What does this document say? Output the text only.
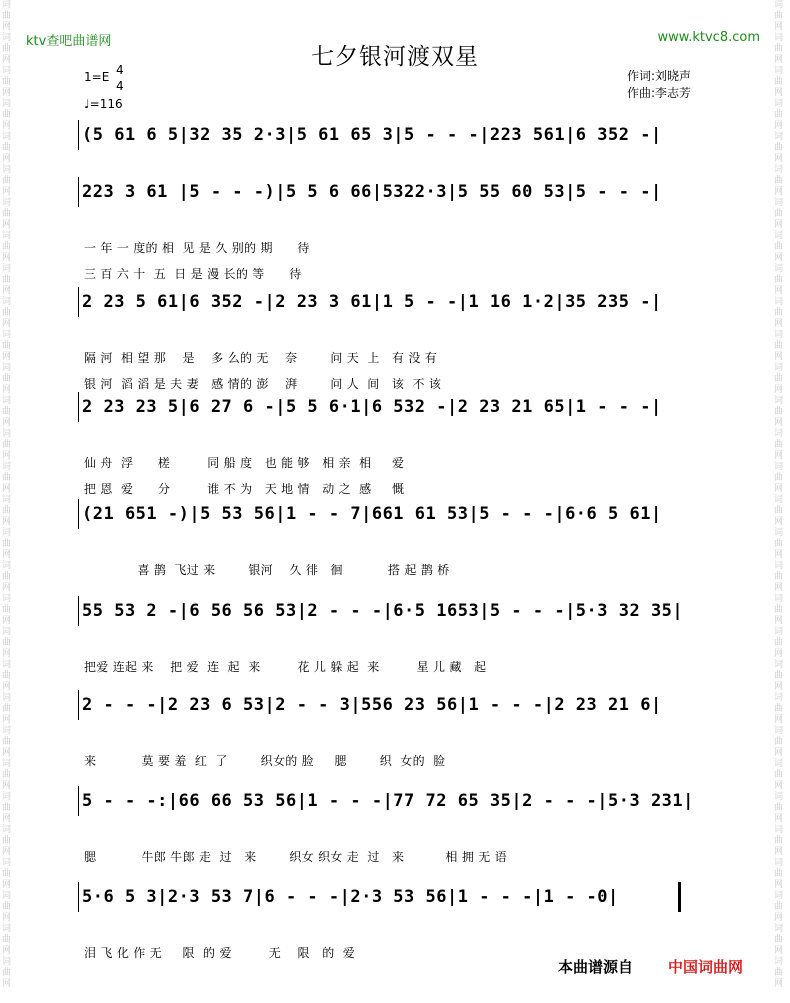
词
曲
网
词
曲
网
词
曲
网
词
曲
网
词
曲
网
词
曲
网
词
曲
网
词
曲
网
词
曲
网
词
曲
网
词
曲
网
词
曲
网
词
曲
网
词
曲
网
词
曲
网
词
曲
网
词
曲
网
词
曲
网
词
曲
网
词
曲
网
词
曲
网
词
曲
网
词
曲
网
词
曲
网
词
曲
网
词
曲
网
词
曲
网
词
曲
网
词
曲
网
词
曲
网
词
曲
网
词
曲
网
词
曲
网
词
曲
网
词
曲
网
词
曲
网
词
曲
网
词
曲
网
词
曲
网
词
曲
网
词
曲
网
词
曲
网
词
曲
网
词
曲
网
词
曲
网
词
曲
网
词
曲
网
词
曲
网
词
曲
网
词
曲
网
词
曲
网
词
曲
网
词
曲
网
词
曲
网
词
曲
网
词
曲
网
词
曲
网
词
曲
网
词
曲
网
词
曲
网
ktv查吧曲谱网	www.ktvc8.com
七夕银河渡双星
1=E 4
4
♩=116
作词:刘晓声
作曲:李志芳
(5 61 6 5|32 35 2·3|5 61 65 3|5 - - -|223 561|6 352 -|
223 3 61 |5 - - -)|5 5 6 66|5322·3|5 55 60 53|5 - - -|
一 年 一 度的 相  见 是 久 别的 期      待
三 百 六 十  五  日 是 漫 长的 等      待
2 23 5 61|6 352 -|2 23 3 61|1 5 - -|1 16 1·2|35 235 -|
隔 河  相 望 那    是    多 么的 无    奈        问 天  上   有 没 有
银 河  滔 滔 是 夫 妻   感 情的 澎    湃        问 人  间   该  不 该
2 23 23 5|6 27 6 -|5 5 6·1|6 532 -|2 23 21 65|1 - - -|
仙 舟  浮      槎         同 船 度   也 能 够   相 亲  相     爱
把 恩  爱      分         谁 不 为   天 地 情   动 之  感     慨
(21 651 -)|5 53 56|1 - - 7|661 61 53|5 - - -|6·6 5 61|
喜 鹊  飞过 来        银河    久 徘   徊           搭 起 鹊 桥
55 53 2 -|6 56 56 53|2 - - -|6·5 1653|5 - - -|5·3 32 35|
把爱 连起 来    把 爱  连  起  来         花 儿 躲 起  来         星 儿 藏   起
2 - - -|2 23 6 53|2 - - 3|556 23 56|1 - - -|2 23 21 6|
来           莫 要 羞  红  了        织女的 脸     腮        织  女的  脸
5 - - -:|66 66 53 56|1 - - -|77 72 65 35|2 - - -|5·3 231|
腮           牛郎 牛郎 走  过   来        织女 织女 走  过   来          相 拥 无 语
5·6 5 3|2·3 53 7|6 - - -|2·3 53 56|1 - - -|1 - -0|
泪 飞 化 作 无     限  的 爱         无    限   的  爱
本曲谱源自 中国词曲网
